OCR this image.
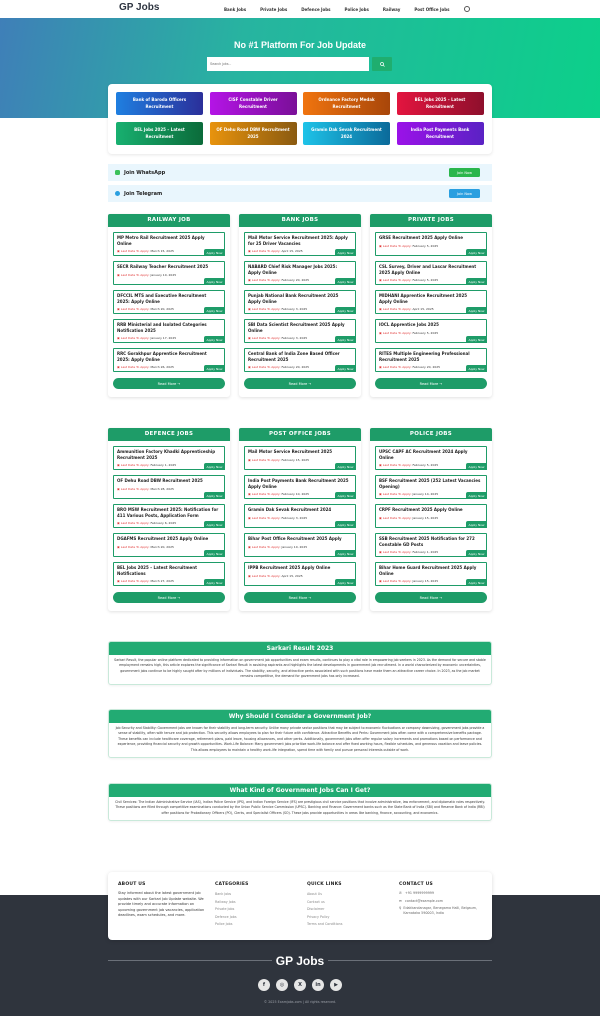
GP Jobs	Bank Jobs	Private Jobs	Defence Jobs	Police Jobs	Railway	Post Office Jobs
No #1 Platform For Job Update
Search jobs...
Bank of Baroda Officers Recruitment
CISF Constable Driver Recruitment
Ordnance Factory Medak Recruitment
BEL Jobs 2025 – Latest Recruitment
BEL Jobs 2025 – Latest Recruitment
OF Dehu Road DBW Recruitment 2025
Gramin Dak Sevak Recruitment 2024
India Post Payments Bank Recruitment
Join WhatsApp	Join Now
Join Telegram	Join Now
RAILWAY JOB
MP Metro Rail Recruitment 2025 Apply Online
▣ Last Date To Apply: March 15, 2025	Apply Now
SECR Railway Teacher Recruitment 2025
▣ Last Date To Apply: January 10, 2025
Apply Now
DFCCIL MTS and Executive Recruitment 2025: Apply Online
▣ Last Date To Apply: March 20, 2025	Apply Now
RRB Ministerial and Isolated Categories Notification 2025
▣ Last Date To Apply: January 17, 2025	Apply Now
RRC Gorakhpur Apprentice Recruitment 2025: Apply Online
▣ Last Date To Apply: March 26, 2025	Apply Now
Read More →
BANK JOBS
Mail Motor Service Recruitment 2025: Apply for 25 Driver Vacancies
▣ Last Date To Apply: April 15, 2025	Apply Now
NABARD Chief Risk Manager Jobs 2025: Apply Online
▣ Last Date To Apply: February 20, 2025	Apply Now
Punjab National Bank Recruitment 2025 Apply Online
▣ Last Date To Apply: February 3, 2025	Apply Now
SBI Data Scientist Recruitment 2025 Apply Online
▣ Last Date To Apply: February 3, 2025	Apply Now
Central Bank of India Zone Based Officer Recruitment 2025
▣ Last Date To Apply: February 20, 2025	Apply Now
Read More →
PRIVATE JOBS
GRSE Recruitment 2025 Apply Online
▣ Last Date To Apply: February 5, 2025
Apply Now
CSL Survey, Driver and Lascar Recruitment 2025 Apply Online
▣ Last Date To Apply: February 5, 2025	Apply Now
MIDHANI Apprentice Recruitment 2025 Apply Online
▣ Last Date To Apply: April 15, 2025	Apply Now
IOCL Apprentice Jobs 2025
▣ Last Date To Apply: February 5, 2025
Apply Now
RITES Multiple Engineering Professional Recruitment 2025
▣ Last Date To Apply: February 20, 2025	Apply Now
Read More →
DEFENCE JOBS
Ammunition Factory Khadki Apprenticeship Recruitment 2025
▣ Last Date To Apply: February 1, 2025	Apply Now
OF Dehu Road DBW Recruitment 2025
▣ Last Date To Apply: March 28, 2025
Apply Now
BRO MSW Recruitment 2025: Notification for 411 Various Posts, Application Form
▣ Last Date To Apply: February 6, 2025	Apply Now
DGAFMS Recruitment 2025 Apply Online
▣ Last Date To Apply: March 20, 2025
Apply Now
BEL Jobs 2025 – Latest Recruitment Notifications
▣ Last Date To Apply: March 27, 2025	Apply Now
Read More →
POST OFFICE JOBS
Mail Motor Service Recruitment 2025
▣ Last Date To Apply: February 15, 2025
Apply Now
India Post Payments Bank Recruitment 2025 Apply Online
▣ Last Date To Apply: February 10, 2025	Apply Now
Gramin Dak Sevak Recruitment 2024
▣ Last Date To Apply: February 3, 2025
Apply Now
Bihar Post Office Recruitment 2025 Apply
▣ Last Date To Apply: January 10, 2025
Apply Now
IPPB Recruitment 2025 Apply Online
▣ Last Date To Apply: April 15, 2025
Apply Now
Read More →
POLICE JOBS
UPSC CAPF AC Recruitment 2024 Apply Online
▣ Last Date To Apply: February 5, 2025	Apply Now
BSF Recruitment 2025 (252 Latest Vacancies Opening)
▣ Last Date To Apply: January 14, 2025	Apply Now
CRPF Recruitment 2025 Apply Online
▣ Last Date To Apply: January 15, 2025
Apply Now
SSB Recruitment 2025 Notification for 272 Constable GD Posts
▣ Last Date To Apply: February 1, 2025	Apply Now
Bihar Home Guard Recruitment 2025 Apply Online
▣ Last Date To Apply: January 15, 2025	Apply Now
Read More →
Sarkari Result 2023
Sarkari Result, the popular online platform dedicated to providing information on government job opportunities and exam results, continues to play a vital role in empowering job seekers in 2023. As the demand for secure and stable employment remains high, this article explores the significance of Sarkari Result in assisting aspirants and highlights the latest developments in government job recruitment. In a world characterized by economic uncertainties, government jobs continue to be highly sought after by millions of individuals. The stability, security, and attractive perks associated with such positions have made them an attractive career choice. In 2023, as the job market remains competitive, the demand for government jobs has only increased.
Why Should I Consider a Government Job?
Job Security and Stability: Government jobs are known for their stability and long-term security. Unlike many private sector positions that may be subject to economic fluctuations or company downsizing, government jobs provide a sense of stability, often with tenure and job protection. This security allows employees to plan for their future with confidence. Attractive Benefits and Perks: Government jobs often come with a comprehensive benefits package. These benefits can include healthcare coverage, retirement plans, paid leave, housing allowances, and other perks. Additionally, government jobs often offer regular salary increments and promotions based on performance and experience, providing financial security and growth opportunities. Work-Life Balance: Many government jobs prioritize work-life balance and offer fixed working hours, flexible schedules, and generous vacation and leave policies. This allows employees to maintain a healthy work-life integration, spend time with family and pursue personal interests outside of work.
What Kind of Government Jobs Can I Get?
Civil Services: The Indian Administrative Service (IAS), Indian Police Service (IPS), and Indian Foreign Service (IFS) are prestigious civil service positions that involve administrative, law enforcement, and diplomatic roles respectively. These positions are filled through competitive examinations conducted by the Union Public Service Commission (UPSC). Banking and Finance: Government banks such as the State Bank of India (SBI) and Reserve Bank of India (RBI) offer positions for Probationary Officers (PO), Clerks, and Specialist Officers (SO). These jobs provide opportunities in areas like banking, finance, accounting, and economics.
ABOUT US

Stay informed about the latest government job updates with our Sarkari Job Update website. We provide timely and accurate information on upcoming government job vacancies, application deadlines, exam schedules, and more.

CATEGORIES
Bank Jobs
Railway Jobs
Private Jobs
Defence Jobs
Police Jobs
QUICK LINKS
About Us
Contact us
Disclaimer
Privacy Policy
Terms and Conditions
CONTACT US
✆ +91 9999999999
✉ contact@example.com
⚲ Edakkandanagar, Benegama Halli, Belgaum, Karnataka 590003, India
GP Jobs
f	◎	X	in	▶
© 2025 Examjobs.com | All rights reserved.
